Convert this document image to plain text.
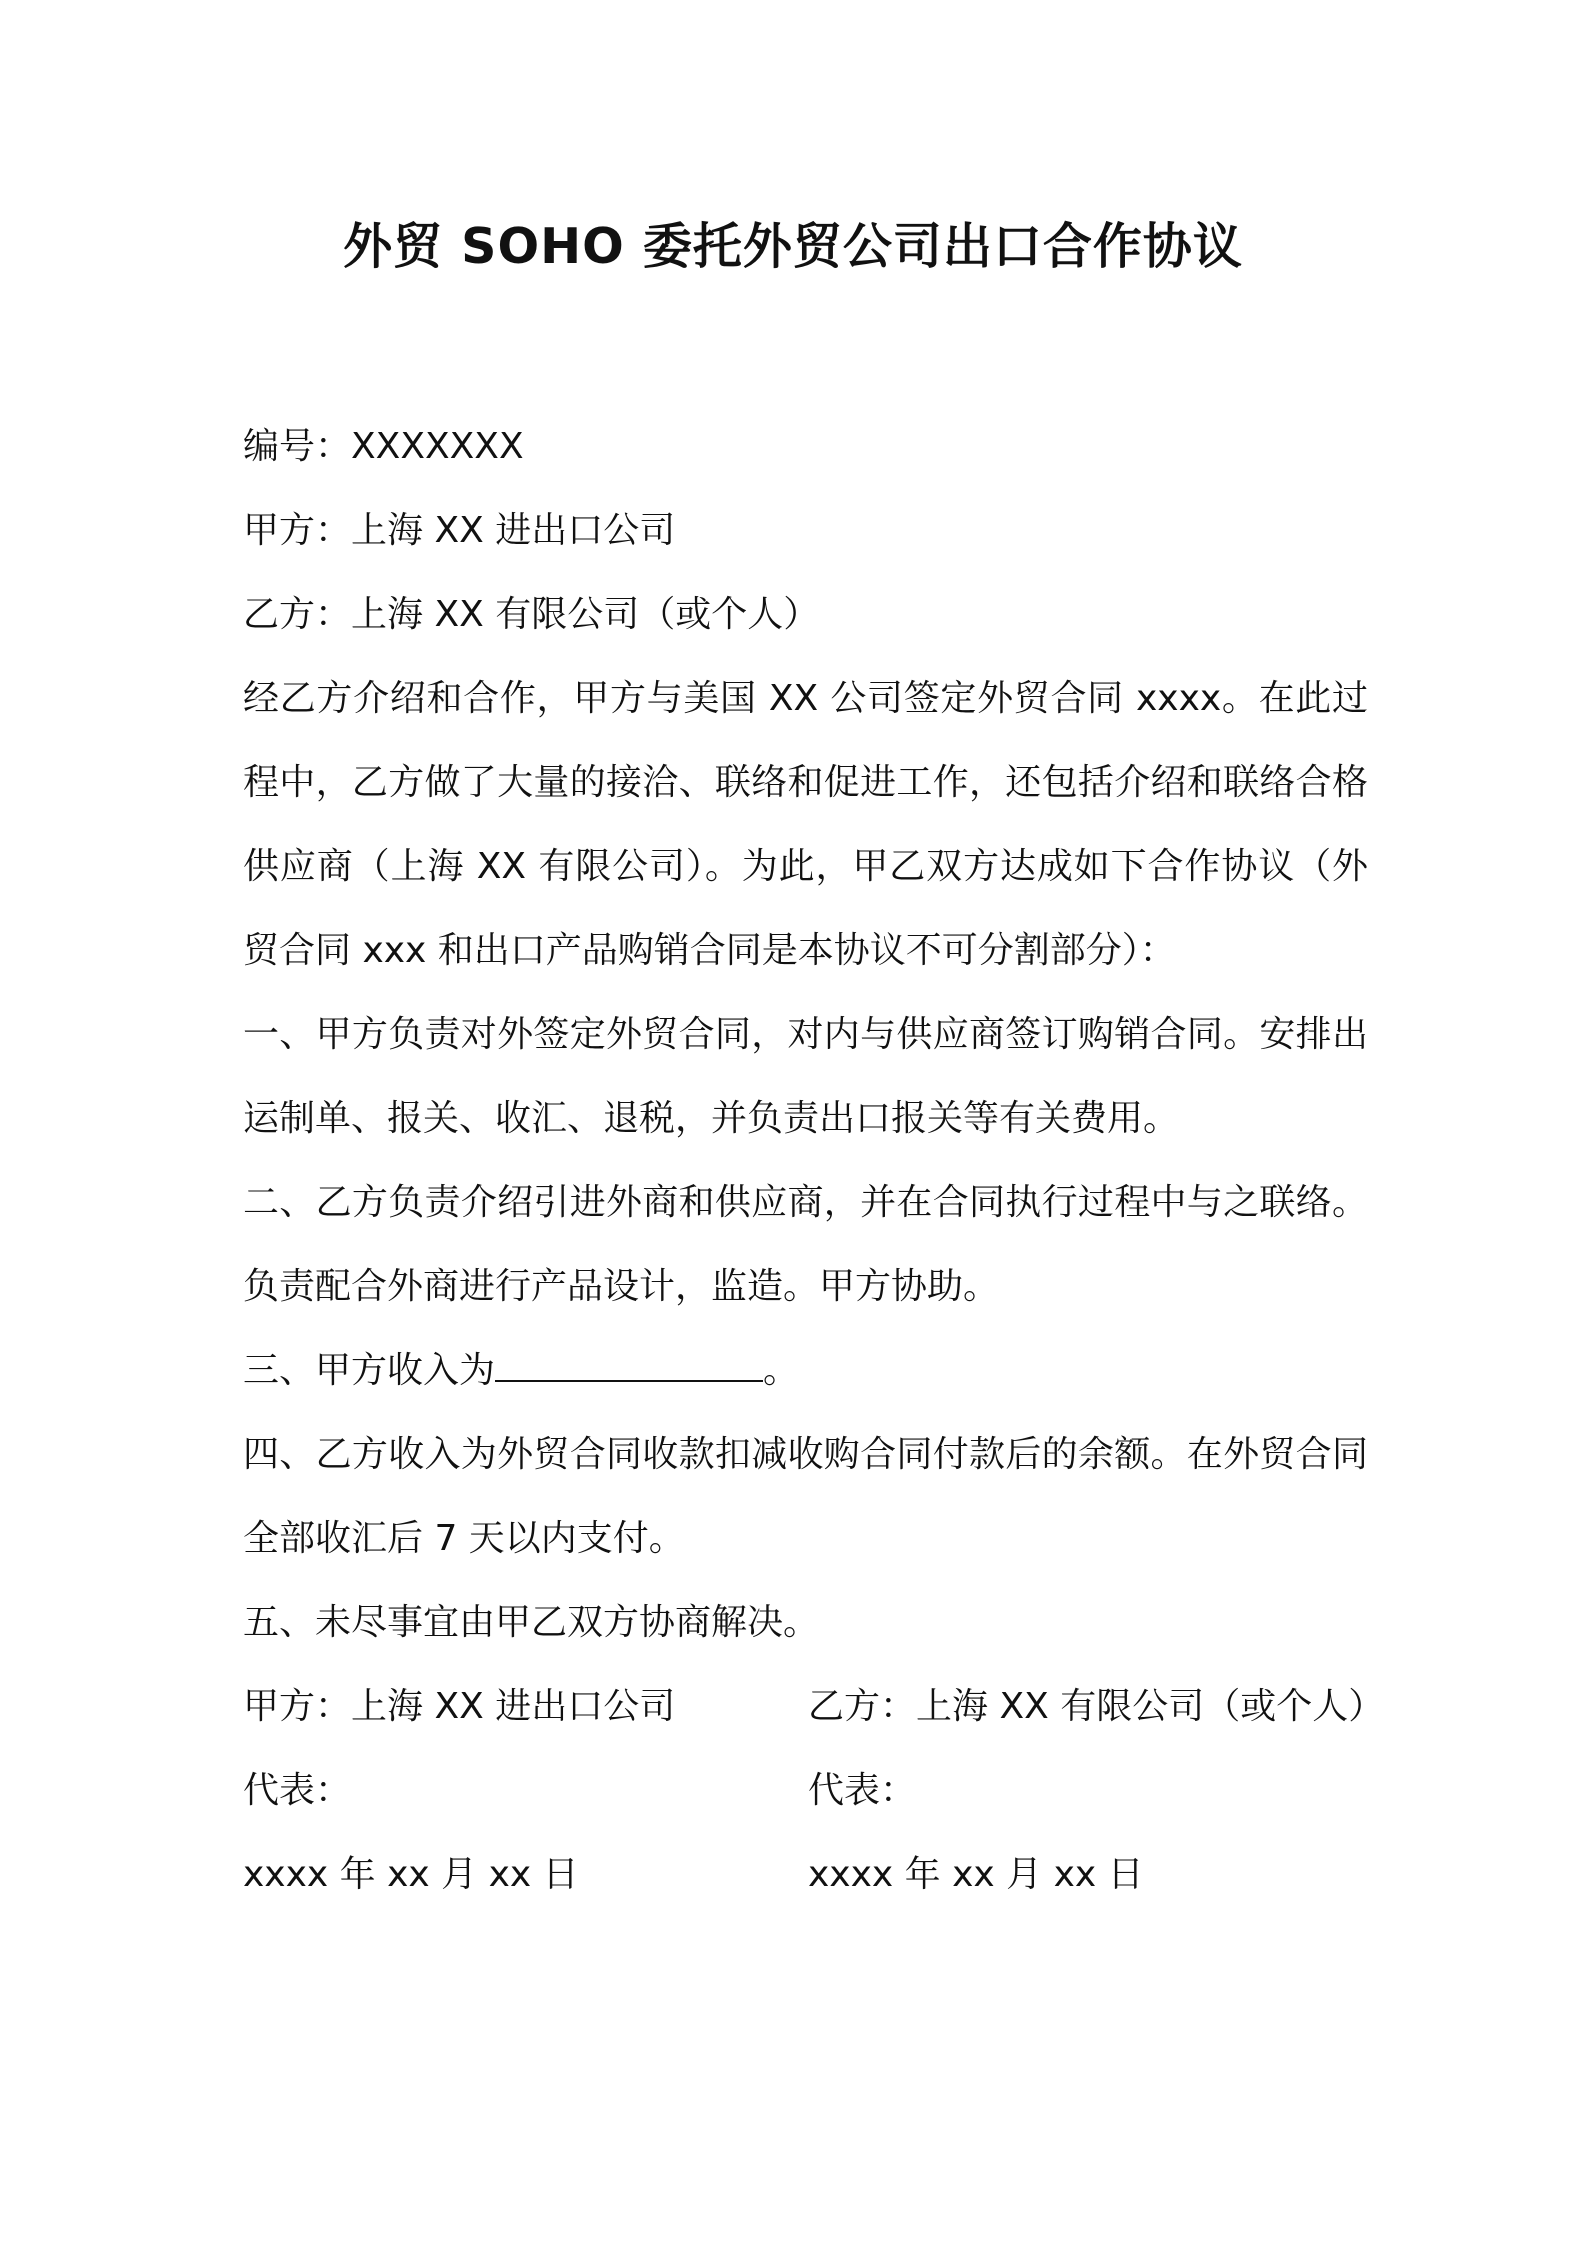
外贸 SOHO 委托外贸公司出口合作协议
编号：XXXXXXX
甲方：上海 XX 进出口公司
乙方：上海 XX 有限公司（或个人）
经乙方介绍和合作，甲方与美国 XX 公司签定外贸合同 xxxx。在此过程中，乙方做了大量的接洽、联络和促进工作，还包括介绍和联络合格供应商（上海 XX 有限公司）。为此，甲乙双方达成如下合作协议（外贸合同 xxx 和出口产品购销合同是本协议不可分割部分）：
一、甲方负责对外签定外贸合同，对内与供应商签订购销合同。安排出运制单、报关、收汇、退税，并负责出口报关等有关费用。
二、乙方负责介绍引进外商和供应商，并在合同执行过程中与之联络。负责配合外商进行产品设计，监造。甲方协助。
三、甲方收入为	。
四、乙方收入为外贸合同收款扣减收购合同付款后的余额。在外贸合同全部收汇后 7 天以内支付。
五、未尽事宜由甲乙双方协商解决。
甲方：上海 XX 进出口公司	乙方：上海 XX 有限公司（或个人）
代表：	代表：
xxxx 年 xx 月 xx 日	xxxx 年 xx 月 xx 日
